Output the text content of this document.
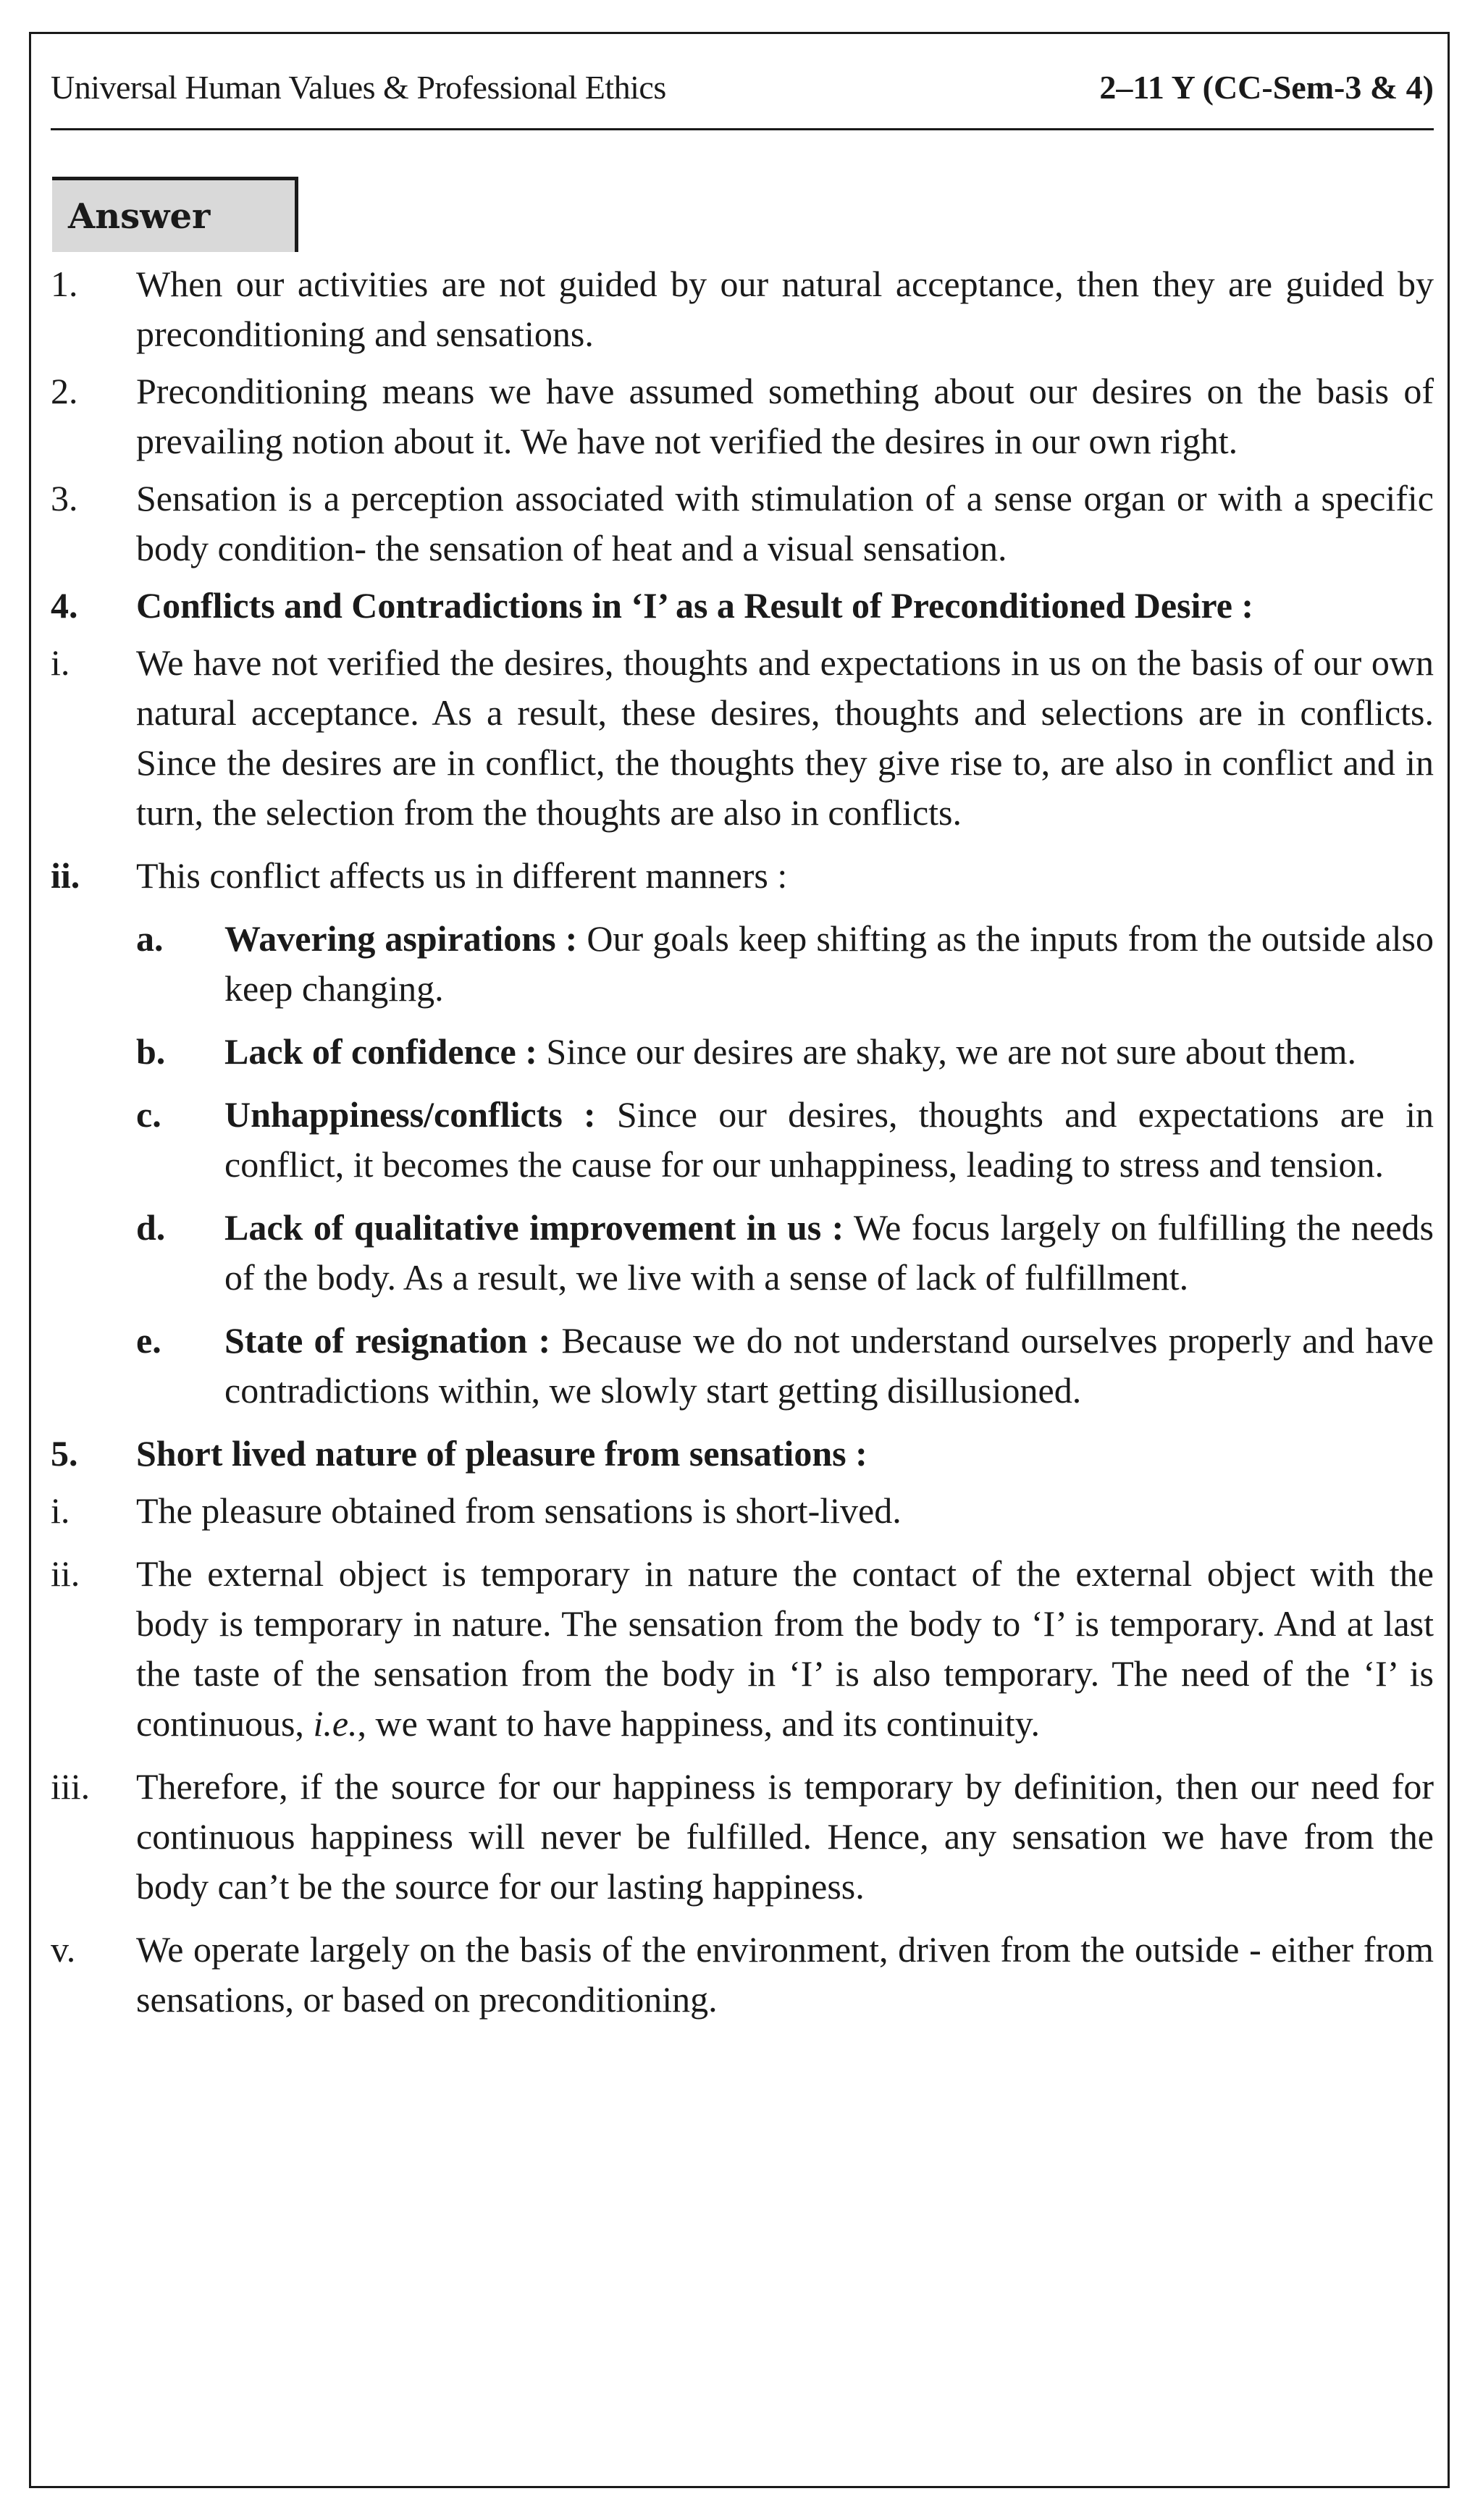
Universal Human Values & Professional Ethics	2–11 Y (CC-Sem-3 & 4)
Answer
1.	When our activities are not guided by our natural acceptance, then they are guided by preconditioning and sensations.
2.	Preconditioning means we have assumed something about our desires on the basis of prevailing notion about it. We have not verified the desires in our own right.
3.	Sensation is a perception associated with stimulation of a sense organ or with a specific body condition- the sensation of heat and a visual sensation.
4.	Conflicts and Contradictions in ‘I’ as a Result of Preconditioned Desire :
i.	We have not verified the desires, thoughts and expectations in us on the basis of our own natural acceptance. As a result, these desires, thoughts and selections are in conflicts. Since the desires are in conflict, the thoughts they give rise to, are also in conflict and in turn, the selection from the thoughts are also in conflicts.
ii.	This conflict affects us in different manners :
a. Wavering aspirations : Our goals keep shifting as the inputs from the outside also keep changing.
b. Lack of confidence : Since our desires are shaky, we are not sure about them.
c. Unhappiness/conflicts : Since our desires, thoughts and expectations are in conflict, it becomes the cause for our unhappiness, leading to stress and tension.
d. Lack of qualitative improvement in us : We focus largely on fulfilling the needs of the body. As a result, we live with a sense of lack of fulfillment.
e. State of resignation : Because we do not understand ourselves properly and have contradictions within, we slowly start getting disillusioned.
5.	Short lived nature of pleasure from sensations :
i.	The pleasure obtained from sensations is short-lived.
ii.	The external object is temporary in nature the contact of the external object with the body is temporary in nature. The sensation from the body to ‘I’ is temporary. And at last the taste of the sensation from the body in ‘I’ is also temporary. The need of the ‘I’ is continuous, i.e., we want to have happiness, and its continuity.
iii.	Therefore, if the source for our happiness is temporary by definition, then our need for continuous happiness will never be fulfilled. Hence, any sensation we have from the body can’t be the source for our lasting happiness.
v.	We operate largely on the basis of the environment, driven from the outside - either from sensations, or based on preconditioning.
